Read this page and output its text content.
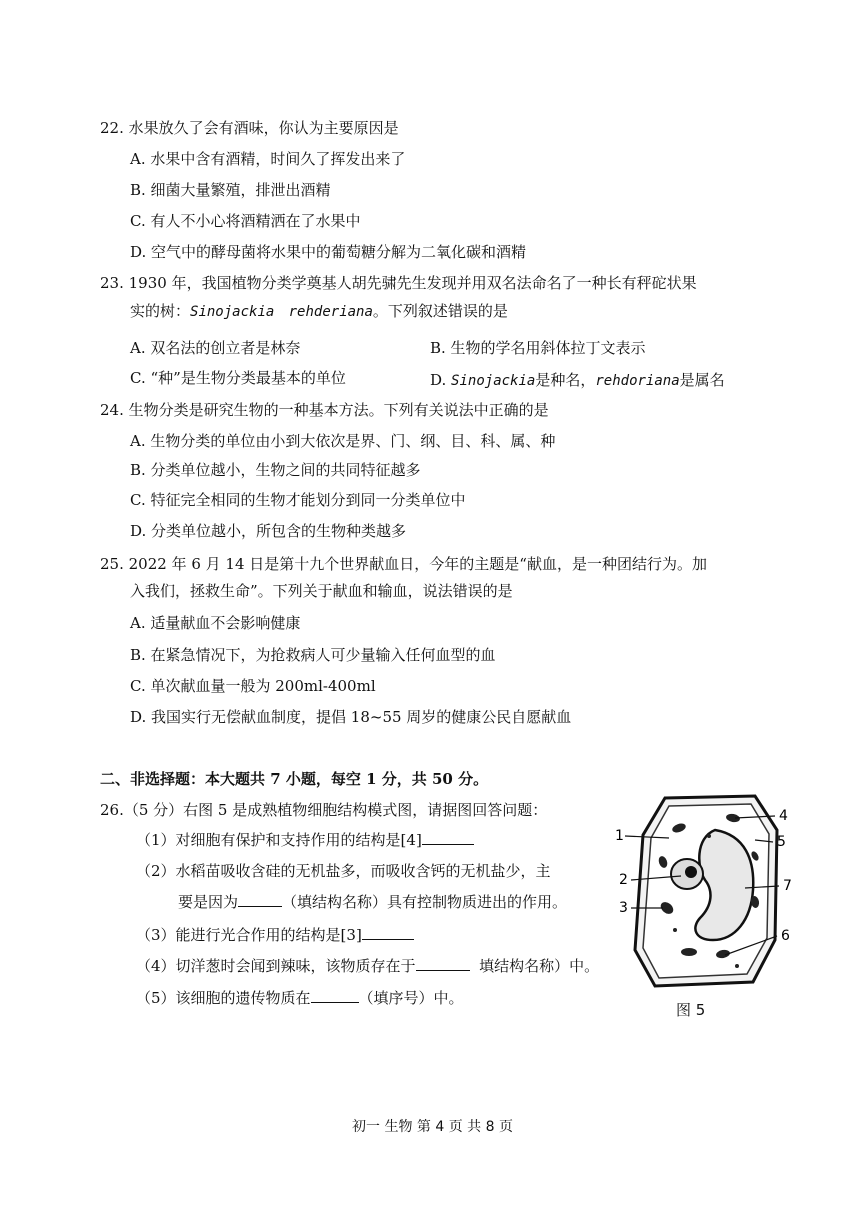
22. 水果放久了会有酒味，你认为主要原因是
A. 水果中含有酒精，时间久了挥发出来了
B. 细菌大量繁殖，排泄出酒精
C. 有人不小心将酒精洒在了水果中
D. 空气中的酵母菌将水果中的葡萄糖分解为二氧化碳和酒精
23. 1930 年，我国植物分类学奠基人胡先骕先生发现并用双名法命名了一种长有秤砣状果
实的树：Sinojackia rehderiana。下列叙述错误的是
A. 双名法的创立者是林奈	B. 生物的学名用斜体拉丁文表示
C. “种”是生物分类最基本的单位	D. Sinojackia是种名，rehdoriana是属名
24. 生物分类是研究生物的一种基本方法。下列有关说法中正确的是
A. 生物分类的单位由小到大依次是界、门、纲、目、科、属、种
B. 分类单位越小，生物之间的共同特征越多
C. 特征完全相同的生物才能划分到同一分类单位中
D. 分类单位越小，所包含的生物种类越多
25. 2022 年 6 月 14 日是第十九个世界献血日，今年的主题是“献血，是一种团结行为。加
入我们，拯救生命”。下列关于献血和输血，说法错误的是
A. 适量献血不会影响健康
B. 在紧急情况下，为抢救病人可少量输入任何血型的血
C. 单次献血量一般为 200ml-400ml
D. 我国实行无偿献血制度，提倡 18~55 周岁的健康公民自愿献血
二、非选择题：本大题共 7 小题，每空 1 分，共 50 分。
26.（5 分）右图 5 是成熟植物细胞结构模式图，请据图回答问题：
（1）对细胞有保护和支持作用的结构是[4]
（2）水稻苗吸收含硅的无机盐多，而吸收含钙的无机盐少，主
要是因为	（填结构名称）具有控制物质进出的作用。
（3）能进行光合作用的结构是[3]
（4）切洋葱时会闻到辣味，该物质存在于	填结构名称）中。
（5）该细胞的遗传物质在	（填序号）中。
1
2
3
4
5
6
7
图 5
初一 生物 第 4 页 共 8 页
